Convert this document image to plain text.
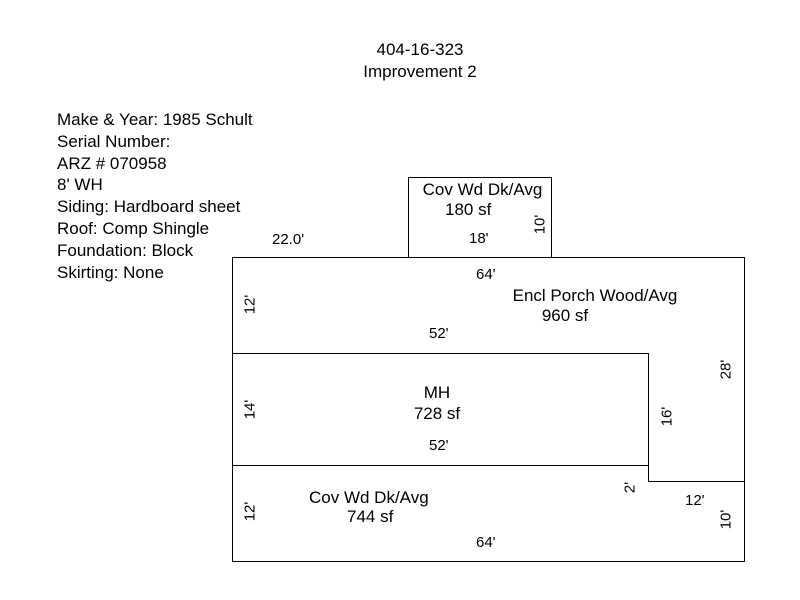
404-16-323
Improvement 2
Make & Year: 1985 Schult
Serial Number:
ARZ # 070958
8' WH
Siding: Hardboard sheet
Roof: Comp Shingle
Foundation: Block
Skirting: None
Cov Wd Dk/Avg
180 sf
Encl Porch Wood/Avg
960 sf
MH
728 sf
Cov Wd Dk/Avg
744 sf
22.0'	18'
64'
52'
52'
12'
64'
10'
12'
28'
14'	16'
2'
12'	10'
